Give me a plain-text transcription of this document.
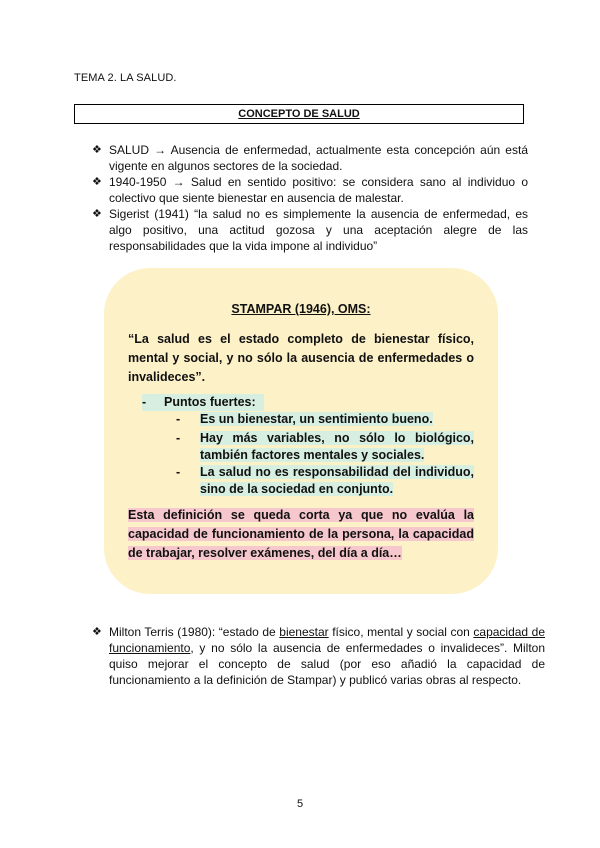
TEMA 2. LA SALUD.
CONCEPTO DE SALUD
❖ SALUD → Ausencia de enfermedad, actualmente esta concepción aún está vigente en algunos sectores de la sociedad.
❖ 1940-1950 → Salud en sentido positivo: se considera sano al individuo o colectivo que siente bienestar en ausencia de malestar.
❖ Sigerist (1941) “la salud no es simplemente la ausencia de enfermedad, es algo positivo, una actitud gozosa y una aceptación alegre de las responsabilidades que la vida impone al individuo”
STAMPAR (1946), OMS:
“La salud es el estado completo de bienestar físico, mental y social, y no sólo la ausencia de enfermedades o invalideces”.
- Puntos fuertes:
- Es un bienestar, un sentimiento bueno.
- Hay más variables, no sólo lo biológico, también factores mentales y sociales.
- La salud no es responsabilidad del individuo, sino de la sociedad en conjunto.
Esta definición se queda corta ya que no evalúa la capacidad de funcionamiento de la persona, la capacidad de trabajar, resolver exámenes, del día a día…
❖ Milton Terris (1980): “estado de bienestar físico, mental y social con capacidad de funcionamiento, y no sólo la ausencia de enfermedades o invalideces”. Milton quiso mejorar el concepto de salud (por eso añadió la capacidad de funcionamiento a la definición de Stampar) y publicó varias obras al respecto.
5
